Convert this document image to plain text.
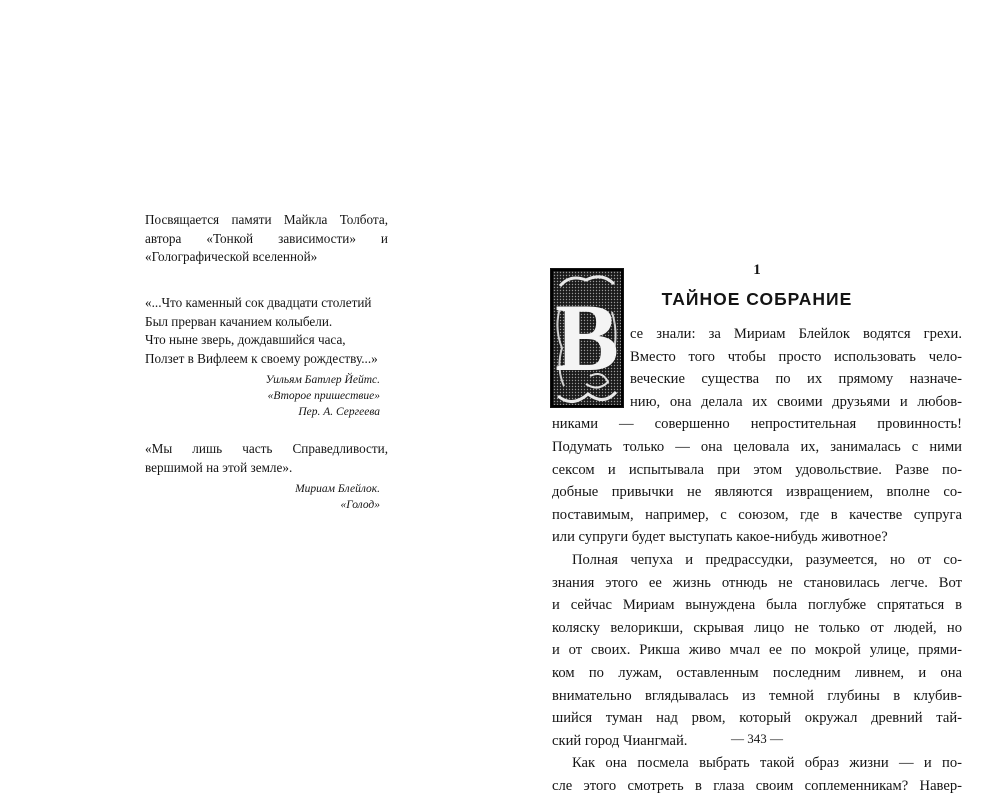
Посвящается памяти Майкла Толбота, автора «Тонкой зависимости» и «Голографической вселенной»
«...Что каменный сок двадцати столетий
Был прерван качанием колыбели.
Что ныне зверь, дождавшийся часа,
Ползет в Вифлеем к своему рождеству...»
Уильям Батлер Йейтс.
«Второе пришествие»
Пер. А. Сергеева
«Мы лишь часть Справедливости, вершимой на этой земле».
Мириам Блейлок.
«Голод»
1
ТАЙНОЕ СОБРАНИЕ
В се знали: за Мириам Блейлок водятся грехи.
Вместо того чтобы просто использовать чело-
веческие существа по их прямому назначе-
нию, она делала их своими друзьями и любов-
никами — совершенно непростительная провинность!
Подумать только — она целовала их, занималась с ними
сексом и испытывала при этом удовольствие. Разве по-
добные привычки не являются извращением, вполне со-
поставимым, например, с союзом, где в качестве супруга
или супруги будет выступать какое-нибудь животное?
Полная чепуха и предрассудки, разумеется, но от со-
знания этого ее жизнь отнюдь не становилась легче. Вот
и сейчас Мириам вынуждена была поглубже спрятаться в
коляску велорикши, скрывая лицо не только от людей, но
и от своих. Рикша живо мчал ее по мокрой улице, прями-
ком по лужам, оставленным последним ливнем, и она
внимательно вглядывалась из темной глубины в клубив-
шийся туман над рвом, который окружал древний тай-
ский город Чиангмай.
Как она посмела выбрать такой образ жизни — и по-
сле этого смотреть в глаза своим соплеменникам? Навер-
— 343 —
